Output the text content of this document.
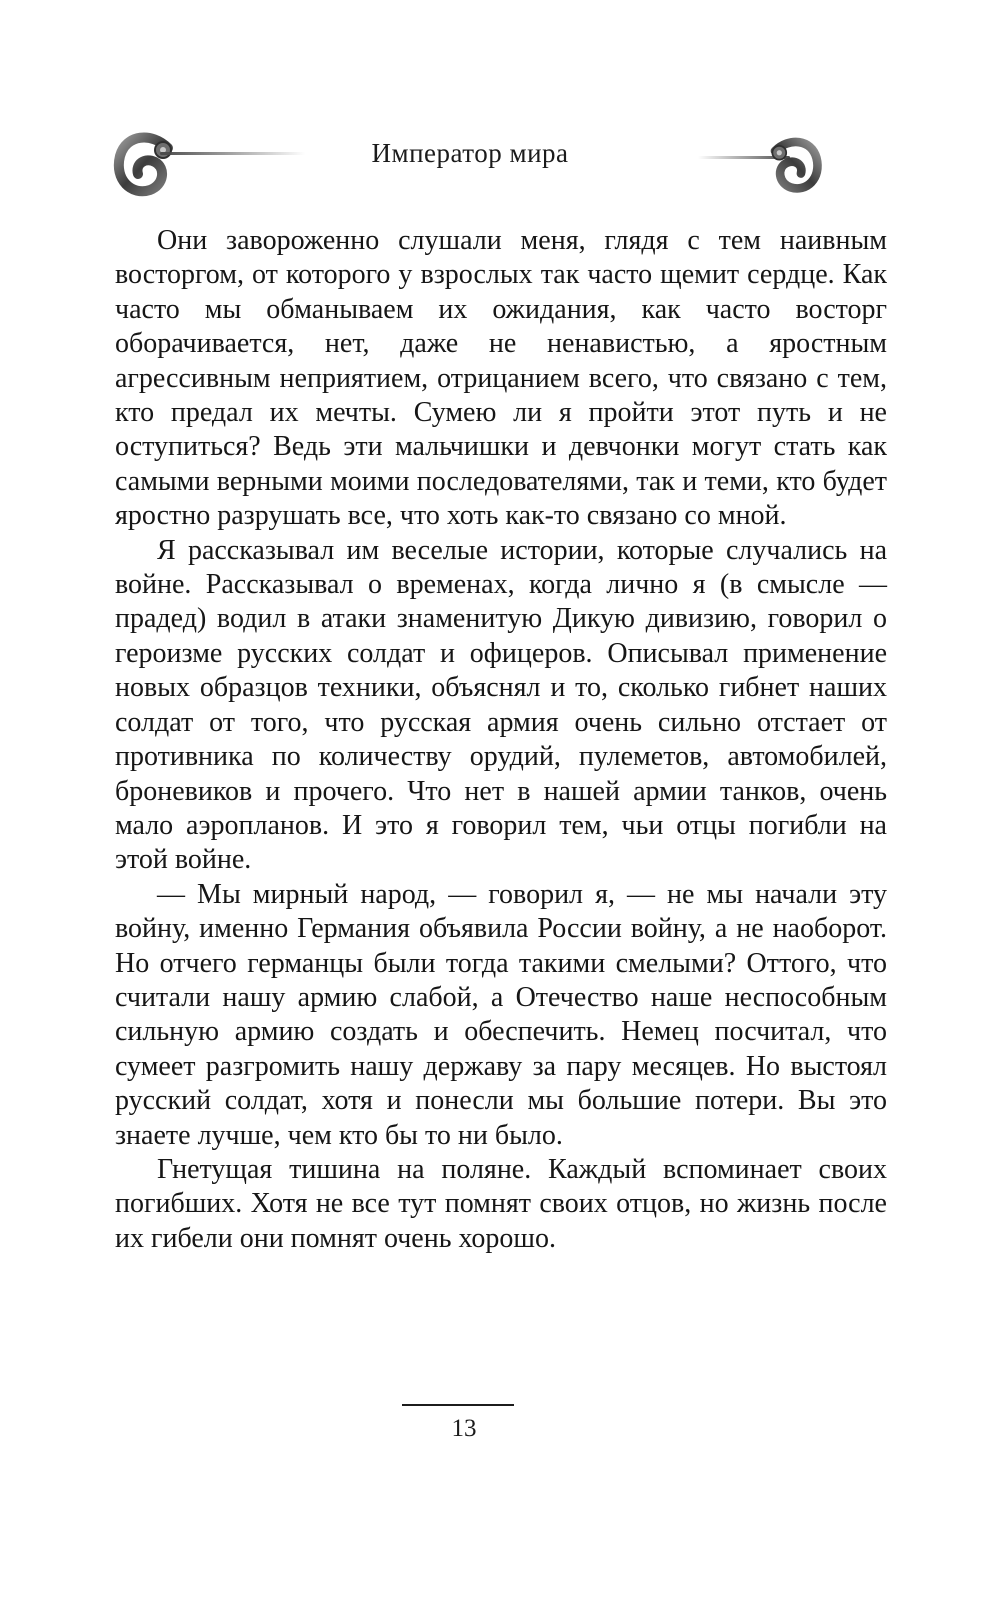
Император мира

Они завороженно слушали меня, глядя с тем наивным восторгом, от которого у взрослых так часто щемит сердце. Как часто мы обманываем их ожидания, как часто восторг оборачивается, нет, даже не ненавистью, а яростным агрессивным неприятием, отрицанием всего, что связано с тем, кто предал их мечты. Сумею ли я пройти этот путь и не оступиться? Ведь эти мальчишки и девчонки могут стать как самыми верными моими последователями, так и теми, кто будет яростно разрушать все, что хоть как-то связано со мной.

Я рассказывал им веселые истории, которые случались на войне. Рассказывал о временах, когда лично я (в смысле — прадед) водил в атаки знаменитую Дикую дивизию, говорил о героизме русских солдат и офицеров. Описывал применение новых образцов техники, объяснял и то, сколько гибнет наших солдат от того, что русская армия очень сильно отстает от противника по количеству орудий, пулеметов, автомобилей, броневиков и прочего. Что нет в нашей армии танков, очень мало аэропланов. И это я говорил тем, чьи отцы погибли на этой войне.

— Мы мирный народ, — говорил я, — не мы начали эту войну, именно Германия объявила России войну, а не наоборот. Но отчего германцы были тогда такими смелыми? Оттого, что считали нашу армию слабой, а Отечество наше неспособным сильную армию создать и обеспечить. Немец посчитал, что сумеет разгромить нашу державу за пару месяцев. Но выстоял русский солдат, хотя и понесли мы большие потери. Вы это знаете лучше, чем кто бы то ни было.

Гнетущая тишина на поляне. Каждый вспоминает своих погибших. Хотя не все тут помнят своих отцов, но жизнь после их гибели они помнят очень хорошо.

13
